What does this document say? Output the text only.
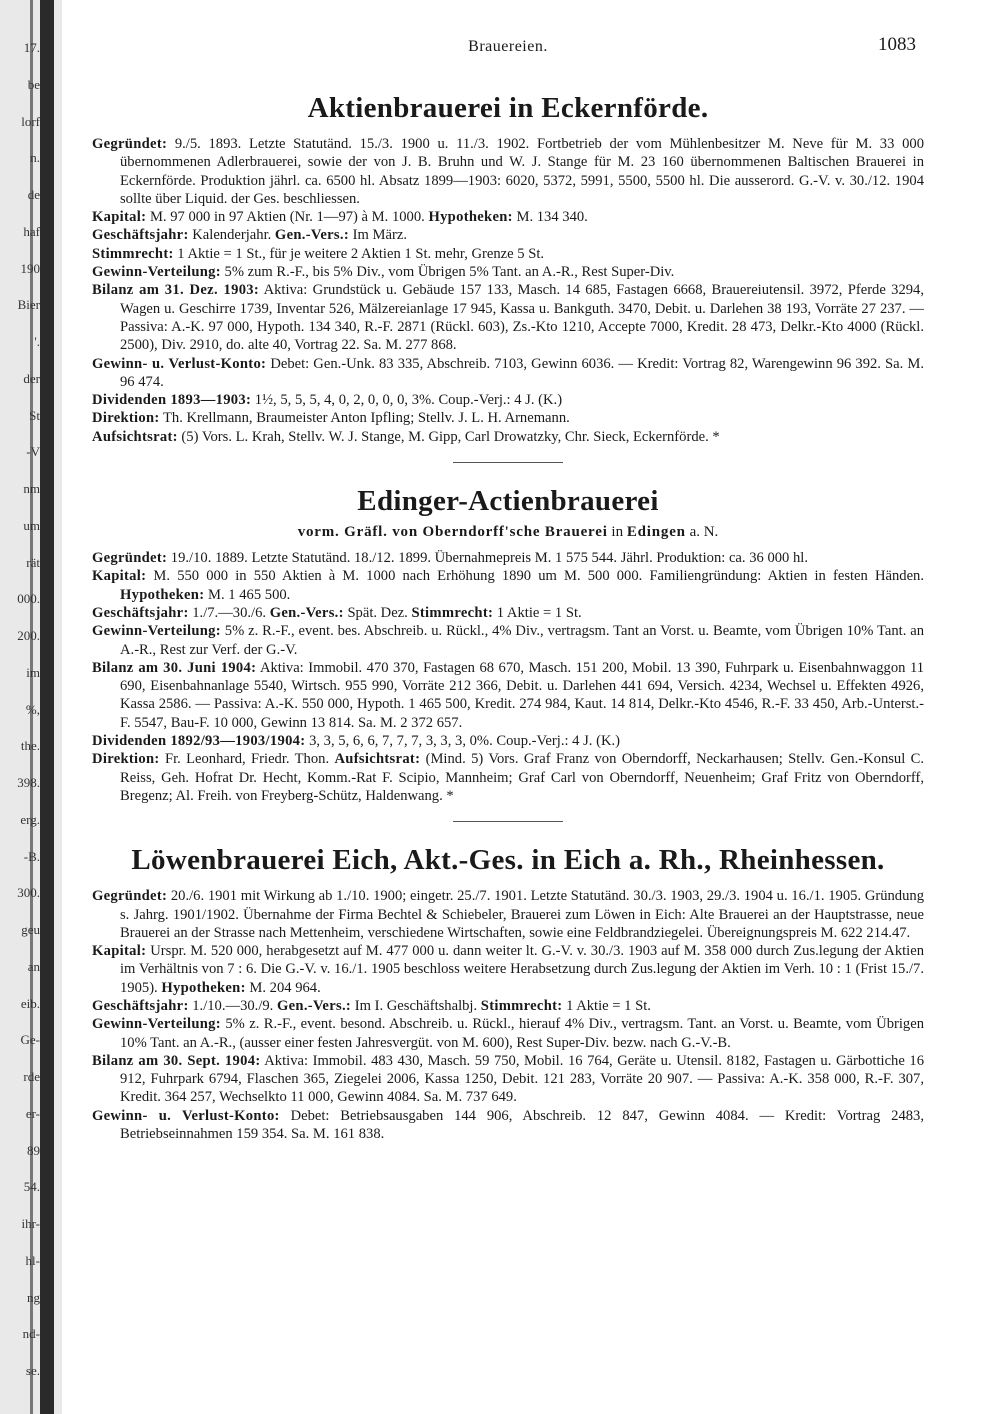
17.
be
lorf
n.
de
haf
190
Bier
'.
der
St
-V
nm
um
rät
000.
200.
im
%,
the.
398.
erg.
-B.
300.
geu
an
eib.
Ge-
rde
er-
89
54.
ihr-
hl-
ng
nd-
se.
Brauereien.	1083
Aktienbrauerei in Eckernförde.

Gegründet: 9./5. 1893. Letzte Statutänd. 15./3. 1900 u. 11./3. 1902. Fortbetrieb der vom Mühlenbesitzer M. Neve für M. 33 000 übernommenen Adlerbrauerei, sowie der von J. B. Bruhn und W. J. Stange für M. 23 160 übernommenen Baltischen Brauerei in Eckernförde. Produktion jährl. ca. 6500 hl. Absatz 1899—1903: 6020, 5372, 5991, 5500, 5500 hl. Die ausserord. G.-V. v. 30./12. 1904 sollte über Liquid. der Ges. beschliessen.

Kapital: M. 97 000 in 97 Aktien (Nr. 1—97) à M. 1000. Hypotheken: M. 134 340.

Geschäftsjahr: Kalenderjahr. Gen.-Vers.: Im März.

Stimmrecht: 1 Aktie = 1 St., für je weitere 2 Aktien 1 St. mehr, Grenze 5 St.

Gewinn-Verteilung: 5% zum R.-F., bis 5% Div., vom Übrigen 5% Tant. an A.-R., Rest Super-Div.

Bilanz am 31. Dez. 1903: Aktiva: Grundstück u. Gebäude 157 133, Masch. 14 685, Fastagen 6668, Brauereiutensil. 3972, Pferde 3294, Wagen u. Geschirre 1739, Inventar 526, Mälzereianlage 17 945, Kassa u. Bankguth. 3470, Debit. u. Darlehen 38 193, Vorräte 27 237. — Passiva: A.-K. 97 000, Hypoth. 134 340, R.-F. 2871 (Rückl. 603), Zs.-Kto 1210, Accepte 7000, Kredit. 28 473, Delkr.-Kto 4000 (Rückl. 2500), Div. 2910, do. alte 40, Vortrag 22. Sa. M. 277 868.

Gewinn- u. Verlust-Konto: Debet: Gen.-Unk. 83 335, Abschreib. 7103, Gewinn 6036. — Kredit: Vortrag 82, Warengewinn 96 392. Sa. M. 96 474.

Dividenden 1893—1903: 1½, 5, 5, 5, 4, 0, 2, 0, 0, 0, 3%. Coup.-Verj.: 4 J. (K.)

Direktion: Th. Krellmann, Braumeister Anton Ipfling; Stellv. J. L. H. Arnemann.

Aufsichtsrat: (5) Vors. L. Krah, Stellv. W. J. Stange, M. Gipp, Carl Drowatzky, Chr. Sieck, Eckernförde. *

Edinger-Actienbrauerei
vorm. Gräfl. von Oberndorff'sche Brauerei in Edingen a. N.

Gegründet: 19./10. 1889. Letzte Statutänd. 18./12. 1899. Übernahmepreis M. 1 575 544. Jährl. Produktion: ca. 36 000 hl.

Kapital: M. 550 000 in 550 Aktien à M. 1000 nach Erhöhung 1890 um M. 500 000. Familiengründung: Aktien in festen Händen. Hypotheken: M. 1 465 500.

Geschäftsjahr: 1./7.—30./6. Gen.-Vers.: Spät. Dez. Stimmrecht: 1 Aktie = 1 St.

Gewinn-Verteilung: 5% z. R.-F., event. bes. Abschreib. u. Rückl., 4% Div., vertragsm. Tant an Vorst. u. Beamte, vom Übrigen 10% Tant. an A.-R., Rest zur Verf. der G.-V.

Bilanz am 30. Juni 1904: Aktiva: Immobil. 470 370, Fastagen 68 670, Masch. 151 200, Mobil. 13 390, Fuhrpark u. Eisenbahnwaggon 11 690, Eisenbahnanlage 5540, Wirtsch. 955 990, Vorräte 212 366, Debit. u. Darlehen 441 694, Versich. 4234, Wechsel u. Effekten 4926, Kassa 2586. — Passiva: A.-K. 550 000, Hypoth. 1 465 500, Kredit. 274 984, Kaut. 14 814, Delkr.-Kto 4546, R.-F. 33 450, Arb.-Unterst.-F. 5547, Bau-F. 10 000, Gewinn 13 814. Sa. M. 2 372 657.

Dividenden 1892/93—1903/1904: 3, 3, 5, 6, 6, 7, 7, 7, 3, 3, 3, 0%. Coup.-Verj.: 4 J. (K.)

Direktion: Fr. Leonhard, Friedr. Thon. Aufsichtsrat: (Mind. 5) Vors. Graf Franz von Oberndorff, Neckarhausen; Stellv. Gen.-Konsul C. Reiss, Geh. Hofrat Dr. Hecht, Komm.-Rat F. Scipio, Mannheim; Graf Carl von Oberndorff, Neuenheim; Graf Fritz von Oberndorff, Bregenz; Al. Freih. von Freyberg-Schütz, Haldenwang. *

Löwenbrauerei Eich, Akt.-Ges. in Eich a. Rh., Rheinhessen.

Gegründet: 20./6. 1901 mit Wirkung ab 1./10. 1900; eingetr. 25./7. 1901. Letzte Statutänd. 30./3. 1903, 29./3. 1904 u. 16./1. 1905. Gründung s. Jahrg. 1901/1902. Übernahme der Firma Bechtel & Schiebeler, Brauerei zum Löwen in Eich: Alte Brauerei an der Hauptstrasse, neue Brauerei an der Strasse nach Mettenheim, verschiedene Wirtschaften, sowie eine Feldbrandziegelei. Übereignungspreis M. 622 214.47.

Kapital: Urspr. M. 520 000, herabgesetzt auf M. 477 000 u. dann weiter lt. G.-V. v. 30./3. 1903 auf M. 358 000 durch Zus.legung der Aktien im Verhältnis von 7 : 6. Die G.-V. v. 16./1. 1905 beschloss weitere Herabsetzung durch Zus.legung der Aktien im Verh. 10 : 1 (Frist 15./7. 1905). Hypotheken: M. 204 964.

Geschäftsjahr: 1./10.—30./9. Gen.-Vers.: Im I. Geschäftshalbj. Stimmrecht: 1 Aktie = 1 St.

Gewinn-Verteilung: 5% z. R.-F., event. besond. Abschreib. u. Rückl., hierauf 4% Div., vertragsm. Tant. an Vorst. u. Beamte, vom Übrigen 10% Tant. an A.-R., (ausser einer festen Jahresvergüt. von M. 600), Rest Super-Div. bezw. nach G.-V.-B.

Bilanz am 30. Sept. 1904: Aktiva: Immobil. 483 430, Masch. 59 750, Mobil. 16 764, Geräte u. Utensil. 8182, Fastagen u. Gärbottiche 16 912, Fuhrpark 6794, Flaschen 365, Ziegelei 2006, Kassa 1250, Debit. 121 283, Vorräte 20 907. — Passiva: A.-K. 358 000, R.-F. 307, Kredit. 364 257, Wechselkto 11 000, Gewinn 4084. Sa. M. 737 649.

Gewinn- u. Verlust-Konto: Debet: Betriebsausgaben 144 906, Abschreib. 12 847, Gewinn 4084. — Kredit: Vortrag 2483, Betriebseinnahmen 159 354. Sa. M. 161 838.
